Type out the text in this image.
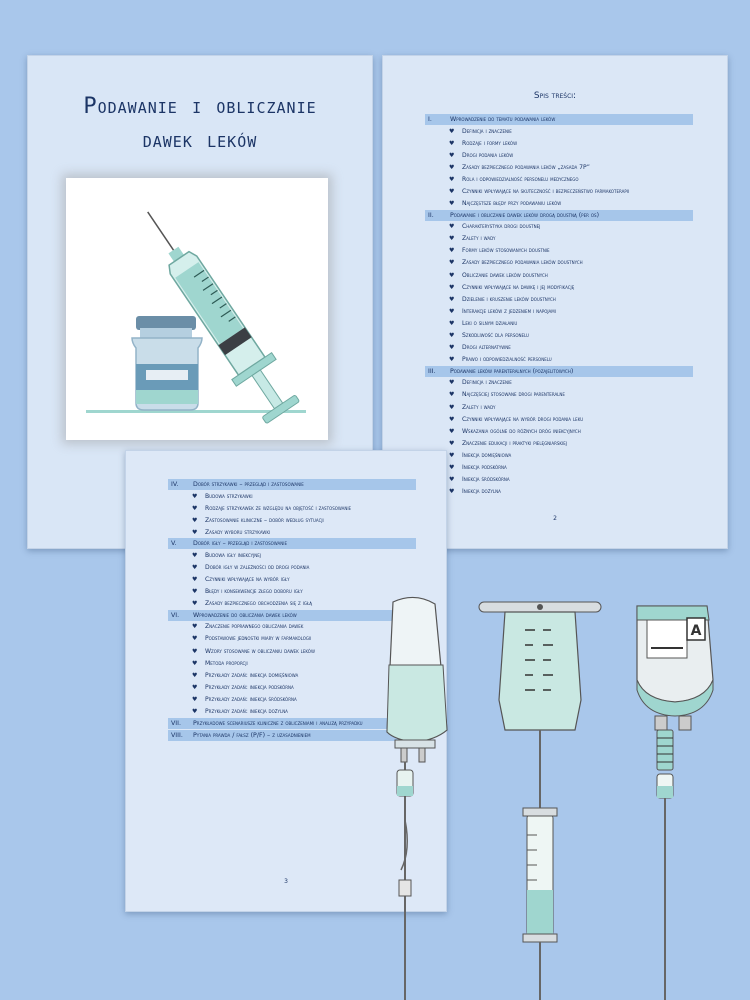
Podawanie i obliczanie
dawek leków
Spis treści:
I.	Wprowadzenie do tematu podawania leków
♥ Definicja i znaczenie
♥ Rodzaje i formy leków
♥ Drogi podania leków
♥ Zasady bezpiecznego podawania leków „zasada 7P”
♥ Rola i odpowiedzialność personelu medycznego
♥ Czynniki wpływające na skuteczność i bezpieczeństwo farmakoterapii
♥ Najczęstsze błędy przy podawaniu leków
II.	Podawanie i obliczanie dawek leków drogą doustną (per os)
♥ Charakterystyka drogi doustnej
♥ Zalety i wady
♥ Formy leków stosowanych doustnie
♥ Zasady bezpiecznego podawania leków doustnych
♥ Obliczanie dawek leków doustnych
♥ Czynniki wpływające na dawkę i jej modyfikację
♥ Dzielenie i kruszenie leków doustnych
♥ Interakcje leków z jedzeniem i napojami
♥ Leki o silnym działaniu
♥ Szkodliwość dla personelu
♥ Drogi alternatywne
♥ Prawo i odpowiedzialność personelu
III.	Podawanie leków parenteralnych (pozajelitowych)
♥ Definicja i znaczenie
♥ Najczęściej stosowane drogi parenteralne
♥ Zalety i wady
♥ Czynniki wpływające na wybór drogi podania leku
♥ Wskazania ogólne do różnych dróg iniekcyjnych
♥ Znaczenie edukacji i praktyki pielęgniarskiej
♥ Iniekcja domięśniowa
♥ Iniekcja podskórna
♥ Iniekcja śródskórna
♥ Iniekcja dożylna
2
IV.	Dobór strzykawki – przegląd i zastosowanie
♥ Budowa strzykawki
♥ Rodzaje strzykawek ze względu na objętość i zastosowanie
♥ Zastosowanie kliniczne – dobór według sytuacji
♥ Zasady wyboru strzykawki
V.	Dobór igły – przegląd i zastosowanie
♥ Budowa igły iniekcyjnej
♥ Dobór igły w zależności od drogi podania
♥ Czynniki wpływające na wybór igły
♥ Błędy i konsekwencje złego doboru igły
♥ Zasady bezpiecznego obchodzenia się z igłą
VI.	Wprowadzenie do obliczania dawek leków
♥ Znaczenie poprawnego obliczania dawek
♥ Podstawowe jednostki miary w farmakologii
♥ Wzory stosowane w obliczaniu dawek leków
♥ Metoda proporcji
♥ Przykłady zadań: iniekcja domięśniowa
♥ Przykłady zadań: iniekcja podskórna
♥ Przykłady zadań: iniekcja śródskórna
♥ Przykłady zadań: iniekcja dożylna
VII.	Przykładowe scenariusze kliniczne z obliczeniami i analizą przypadku
VIII.	Pytania prawda / fałsz (P/F) – z uzasadnieniem
3
A
